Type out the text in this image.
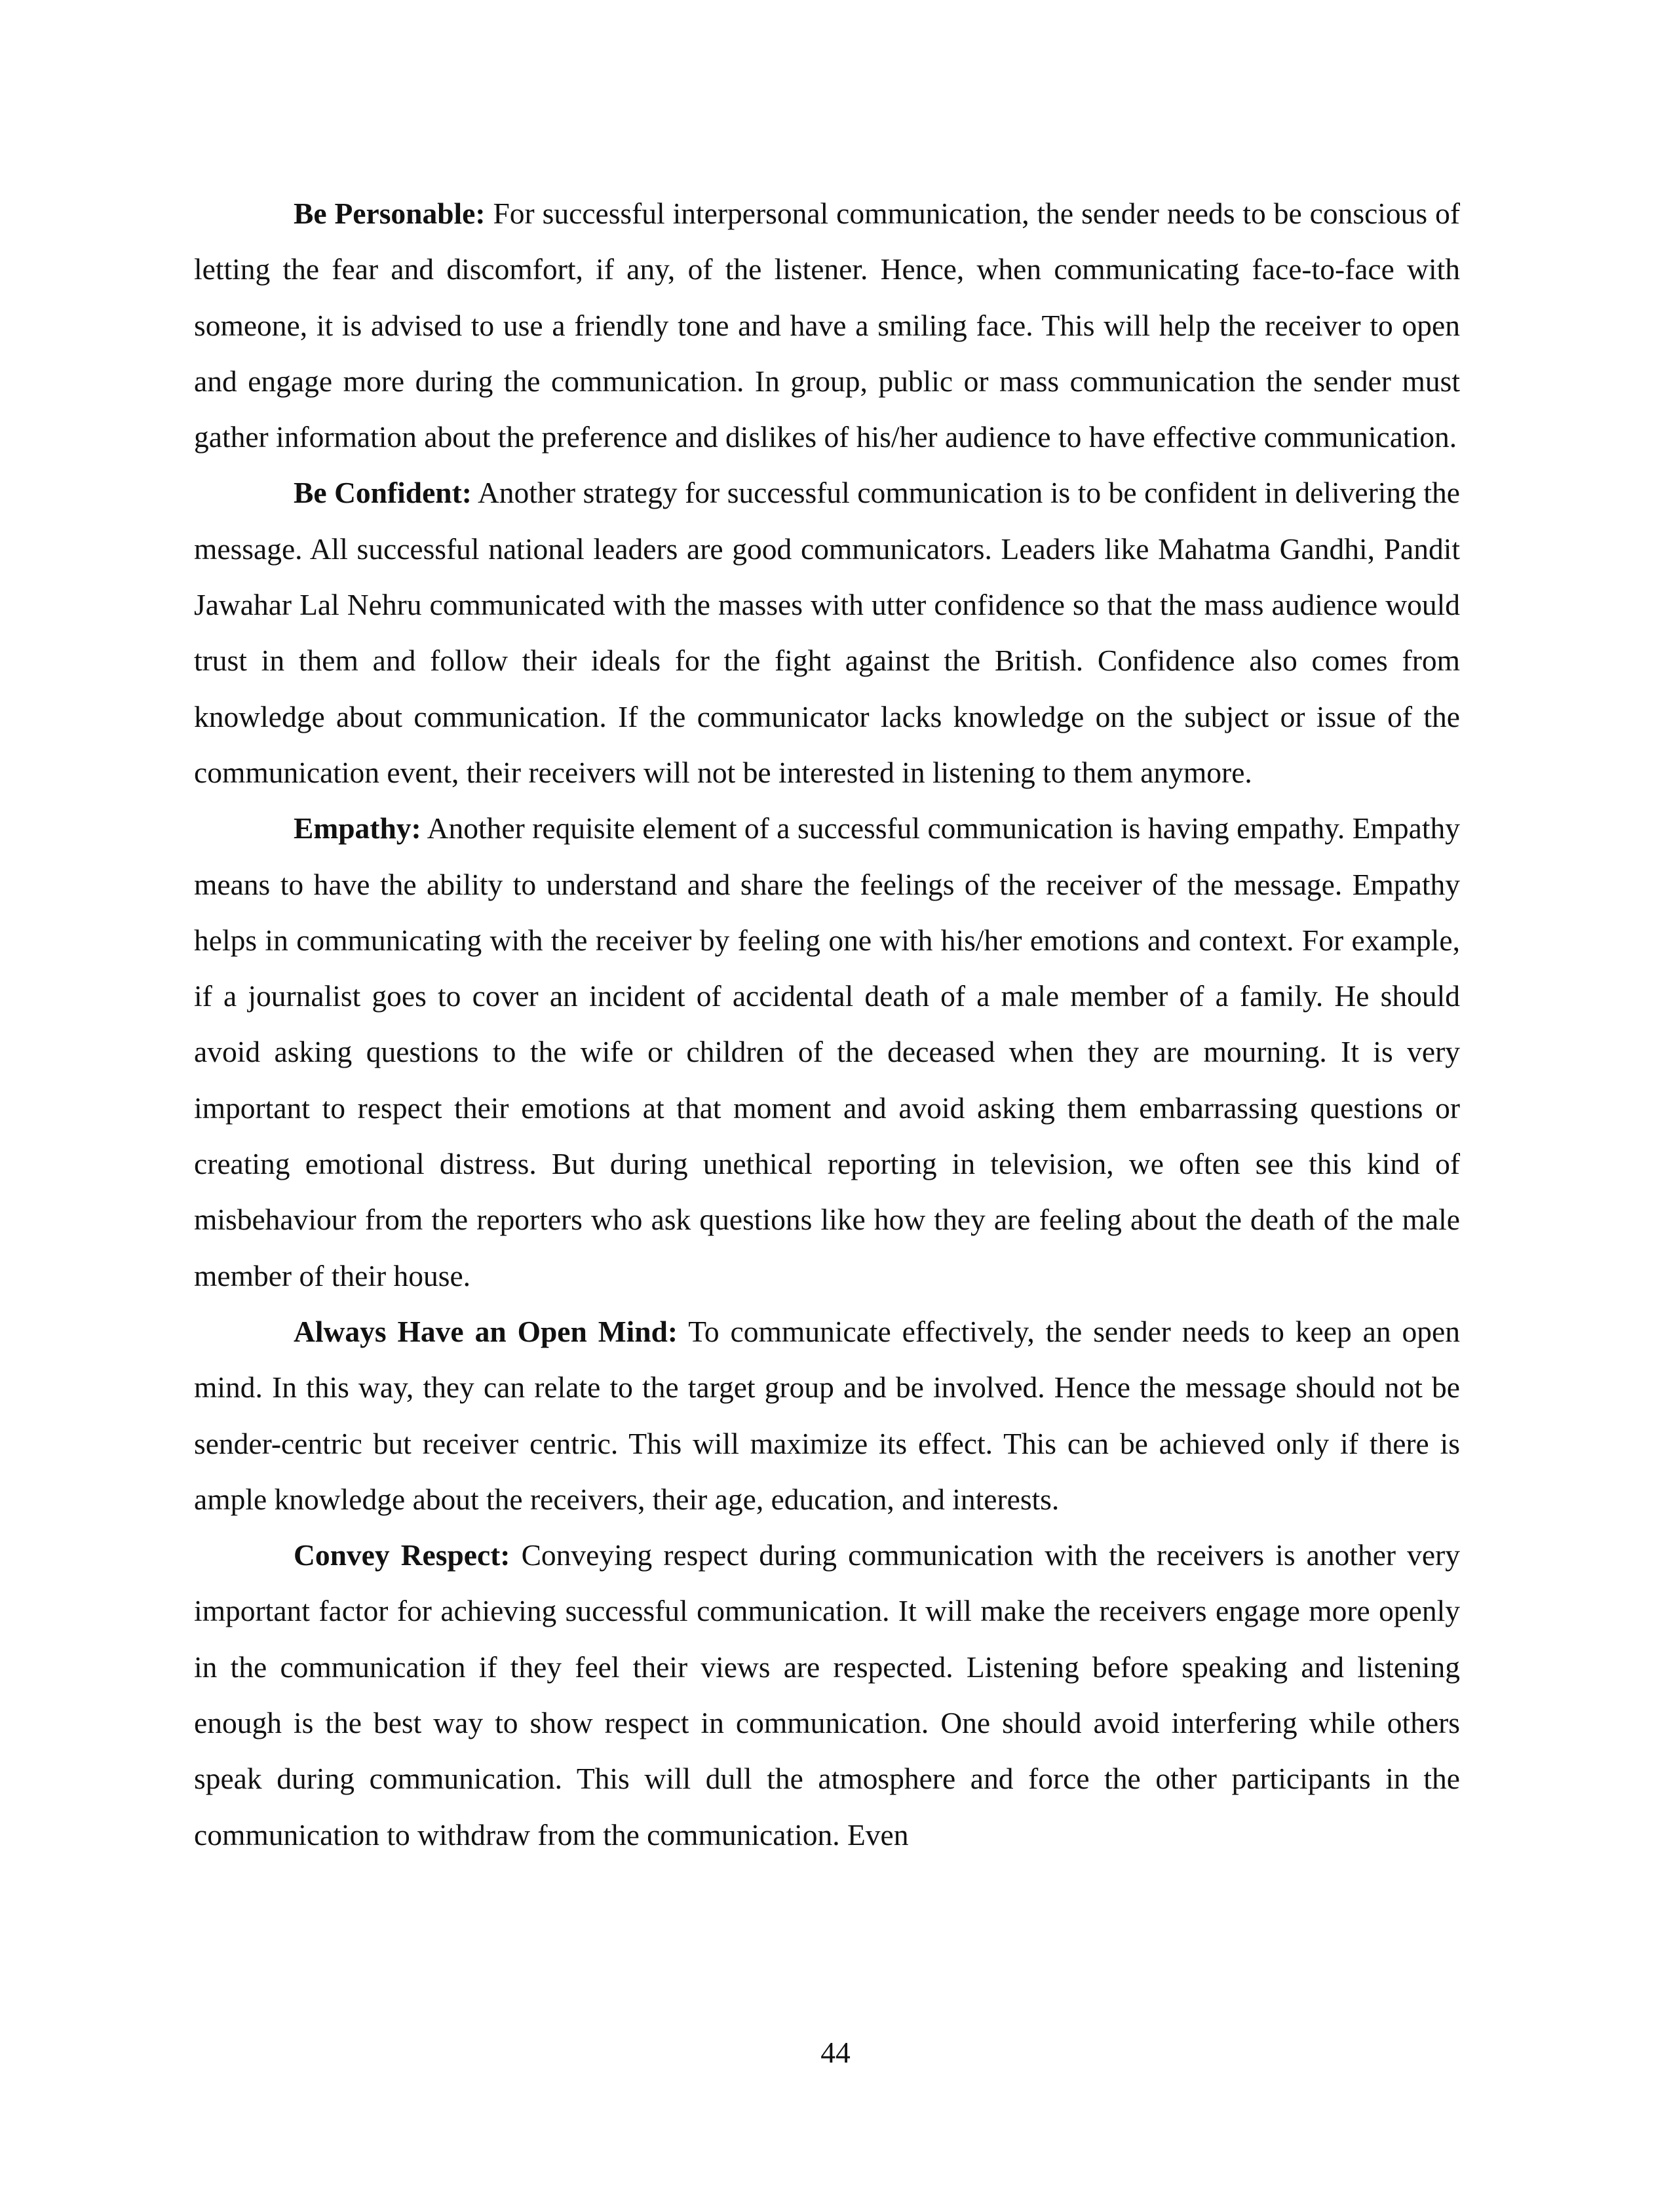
Be Personable: For successful interpersonal communication, the sender needs to be conscious of letting the fear and discomfort, if any, of the listener. Hence, when communicating face-to-face with someone, it is advised to use a friendly tone and have a smiling face. This will help the receiver to open and engage more during the communication. In group, public or mass communication the sender must gather information about the preference and dislikes of his/her audience to have effective communication.

Be Confident: Another strategy for successful communication is to be confident in delivering the message. All successful national leaders are good communicators. Leaders like Mahatma Gandhi, Pandit Jawahar Lal Nehru communicated with the masses with utter confidence so that the mass audience would trust in them and follow their ideals for the fight against the British. Confidence also comes from knowledge about communication. If the communicator lacks knowledge on the subject or issue of the communication event, their receivers will not be interested in listening to them anymore.

Empathy: Another requisite element of a successful communication is having empathy. Empathy means to have the ability to understand and share the feelings of the receiver of the message. Empathy helps in communicating with the receiver by feeling one with his/her emotions and context. For example, if a journalist goes to cover an incident of accidental death of a male member of a family. He should avoid asking questions to the wife or children of the deceased when they are mourning. It is very important to respect their emotions at that moment and avoid asking them embarrassing questions or creating emotional distress. But during unethical reporting in television, we often see this kind of misbehaviour from the reporters who ask questions like how they are feeling about the death of the male member of their house.

Always Have an Open Mind: To communicate effectively, the sender needs to keep an open mind. In this way, they can relate to the target group and be involved. Hence the message should not be sender-centric but receiver centric. This will maximize its effect. This can be achieved only if there is ample knowledge about the receivers, their age, education, and interests.

Convey Respect: Conveying respect during communication with the receivers is another very important factor for achieving successful communication. It will make the receivers engage more openly in the communication if they feel their views are respected. Listening before speaking and listening enough is the best way to show respect in communication. One should avoid interfering while others speak during communication. This will dull the atmosphere and force the other participants in the communication to withdraw from the communication. Even

44
